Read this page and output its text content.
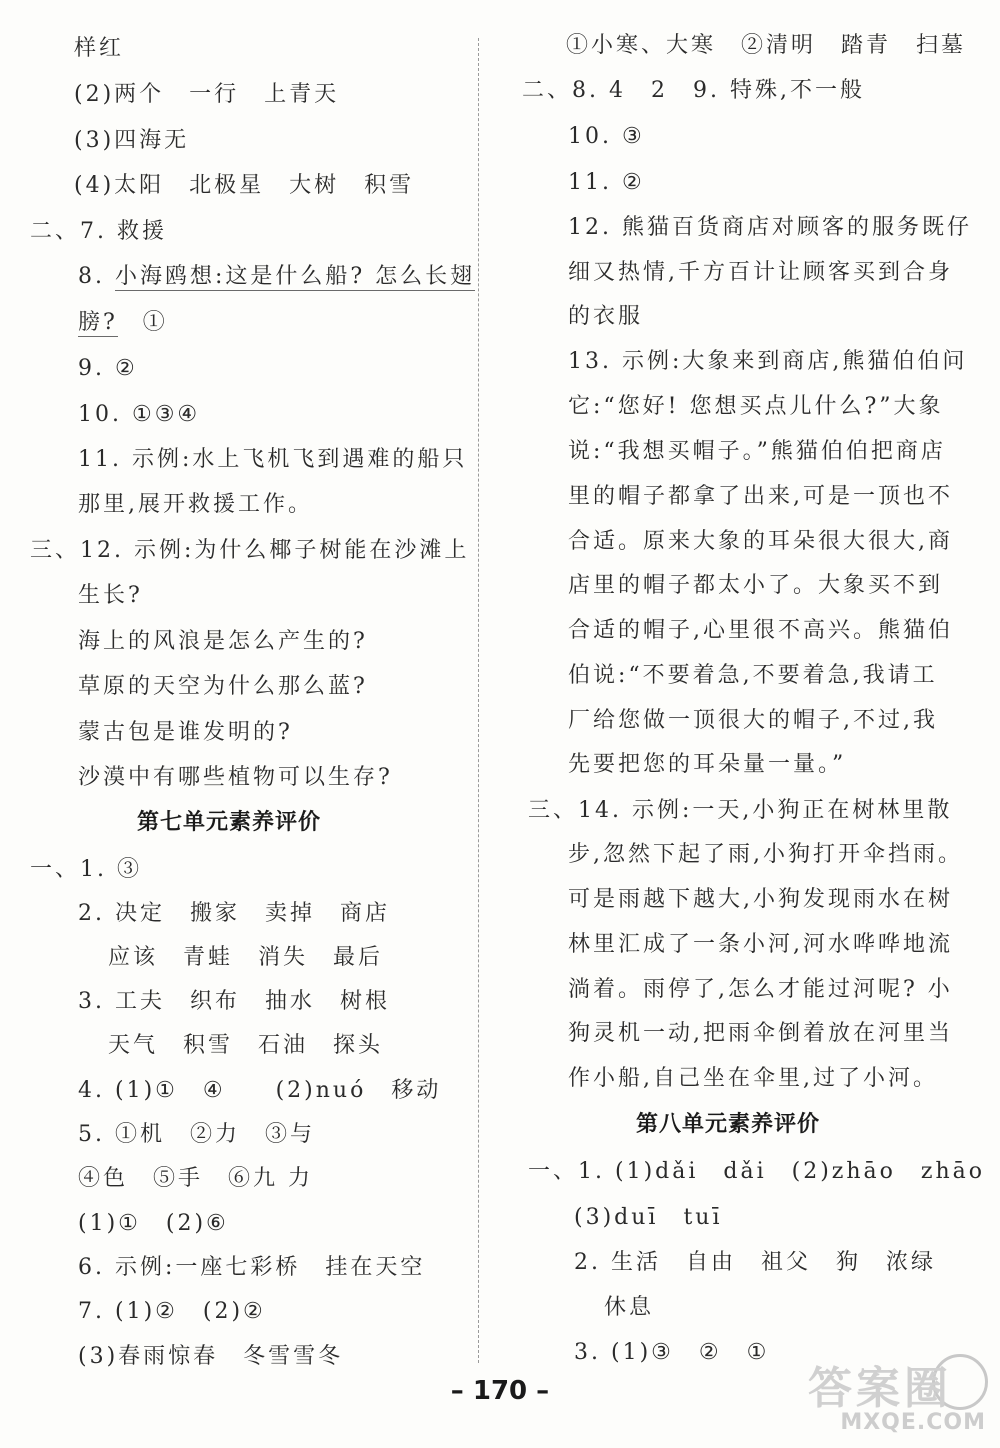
– 170 –	答案圈
MXQE.COM
样红
(2)两个　一行　上青天
(3)四海无
(4)太阳　北极星　大树　积雪
二、7. 救援
8. 小海鸥想:这是什么船? 怎么长翅
膀?　①
9. ②
10. ①③④
11. 示例:水上飞机飞到遇难的船只
那里,展开救援工作。
三、12. 示例:为什么椰子树能在沙滩上
生长?
海上的风浪是怎么产生的?
草原的天空为什么那么蓝?
蒙古包是谁发明的?
沙漠中有哪些植物可以生存?
第七单元素养评价
一、1. ③
2. 决定　搬家　卖掉　商店
应该　青蛙　消失　最后
3. 工夫　织布　抽水　树根
天气　积雪　石油　探头
4. (1)①　④　　(2)nuó　移动
5. ①机　②力　③与
④色　⑤手　⑥九 力
(1)①　(2)⑥
6. 示例:一座七彩桥　挂在天空
7. (1)②　(2)②
(3)春雨惊春　冬雪雪冬
①小寒、大寒　②清明　踏青　扫墓
二、8. 4　2　9. 特殊,不一般
10. ③
11. ②
12. 熊猫百货商店对顾客的服务既仔
细又热情,千方百计让顾客买到合身
的衣服
13. 示例:大象来到商店,熊猫伯伯问
它:“您好! 您想买点儿什么?”大象
说:“我想买帽子。”熊猫伯伯把商店
里的帽子都拿了出来,可是一顶也不
合适。原来大象的耳朵很大很大,商
店里的帽子都太小了。大象买不到
合适的帽子,心里很不高兴。熊猫伯
伯说:“不要着急,不要着急,我请工
厂给您做一顶很大的帽子,不过,我
先要把您的耳朵量一量。”
三、14. 示例:一天,小狗正在树林里散
步,忽然下起了雨,小狗打开伞挡雨。
可是雨越下越大,小狗发现雨水在树
林里汇成了一条小河,河水哗哗地流
淌着。雨停了,怎么才能过河呢? 小
狗灵机一动,把雨伞倒着放在河里当
作小船,自己坐在伞里,过了小河。
第八单元素养评价
一、1. (1)dǎi　dǎi　(2)zhāo　zhāo
(3)duī　tuī
2. 生活　自由　祖父　狗　浓绿
休息
3. (1)③　②　①
